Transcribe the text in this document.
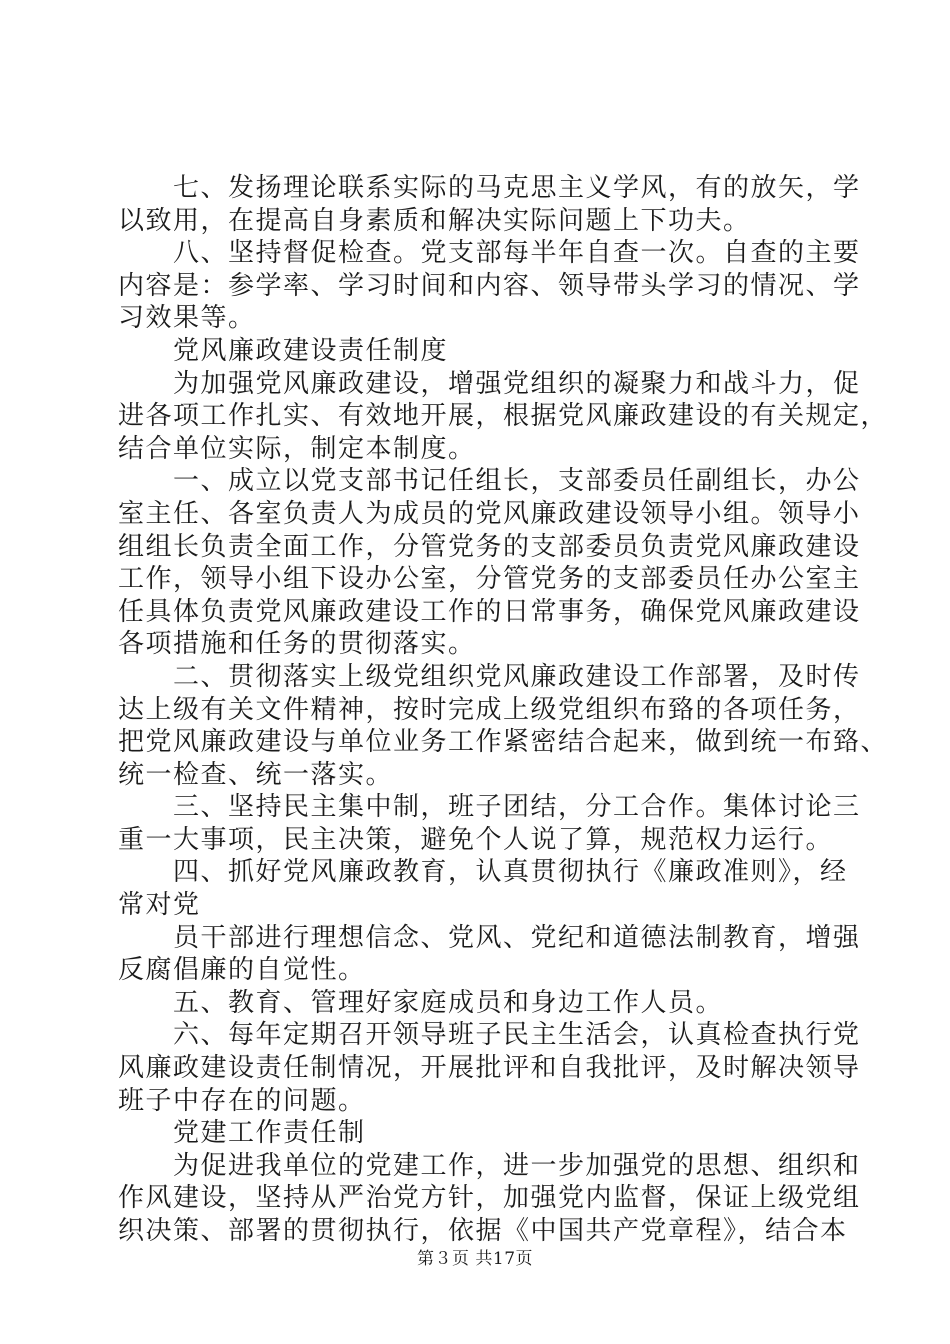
　　七、发扬理论联系实际的马克思主义学风，有的放矢，学
以致用，在提高自身素质和解决实际问题上下功夫。
　　八、坚持督促检查。党支部每半年自查一次。自查的主要
内容是：参学率、学习时间和内容、领导带头学习的情况、学
习效果等。
　　党风廉政建设责任制度
　　为加强党风廉政建设，增强党组织的凝聚力和战斗力，促
进各项工作扎实、有效地开展，根据党风廉政建设的有关规定，
结合单位实际，制定本制度。
　　一、成立以党支部书记任组长，支部委员任副组长，办公
室主任、各室负责人为成员的党风廉政建设领导小组。领导小
组组长负责全面工作，分管党务的支部委员负责党风廉政建设
工作，领导小组下设办公室，分管党务的支部委员任办公室主
任具体负责党风廉政建设工作的日常事务，确保党风廉政建设
各项措施和任务的贯彻落实。
　　二、贯彻落实上级党组织党风廉政建设工作部署，及时传
达上级有关文件精神，按时完成上级党组织布臵的各项任务，
把党风廉政建设与单位业务工作紧密结合起来，做到统一布臵、
统一检查、统一落实。
　　三、坚持民主集中制，班子团结，分工合作。集体讨论三
重一大事项，民主决策，避免个人说了算，规范权力运行。
　　四、抓好党风廉政教育，认真贯彻执行《廉政准则》，经
常对党
　　员干部进行理想信念、党风、党纪和道德法制教育，增强
反腐倡廉的自觉性。
　　五、教育、管理好家庭成员和身边工作人员。
　　六、每年定期召开领导班子民主生活会，认真检查执行党
风廉政建设责任制情况，开展批评和自我批评，及时解决领导
班子中存在的问题。
　　党建工作责任制
　　为促进我单位的党建工作，进一步加强党的思想、组织和
作风建设，坚持从严治党方针，加强党内监督，保证上级党组
织决策、部署的贯彻执行，依据《中国共产党章程》，结合本
第３页 共17页
